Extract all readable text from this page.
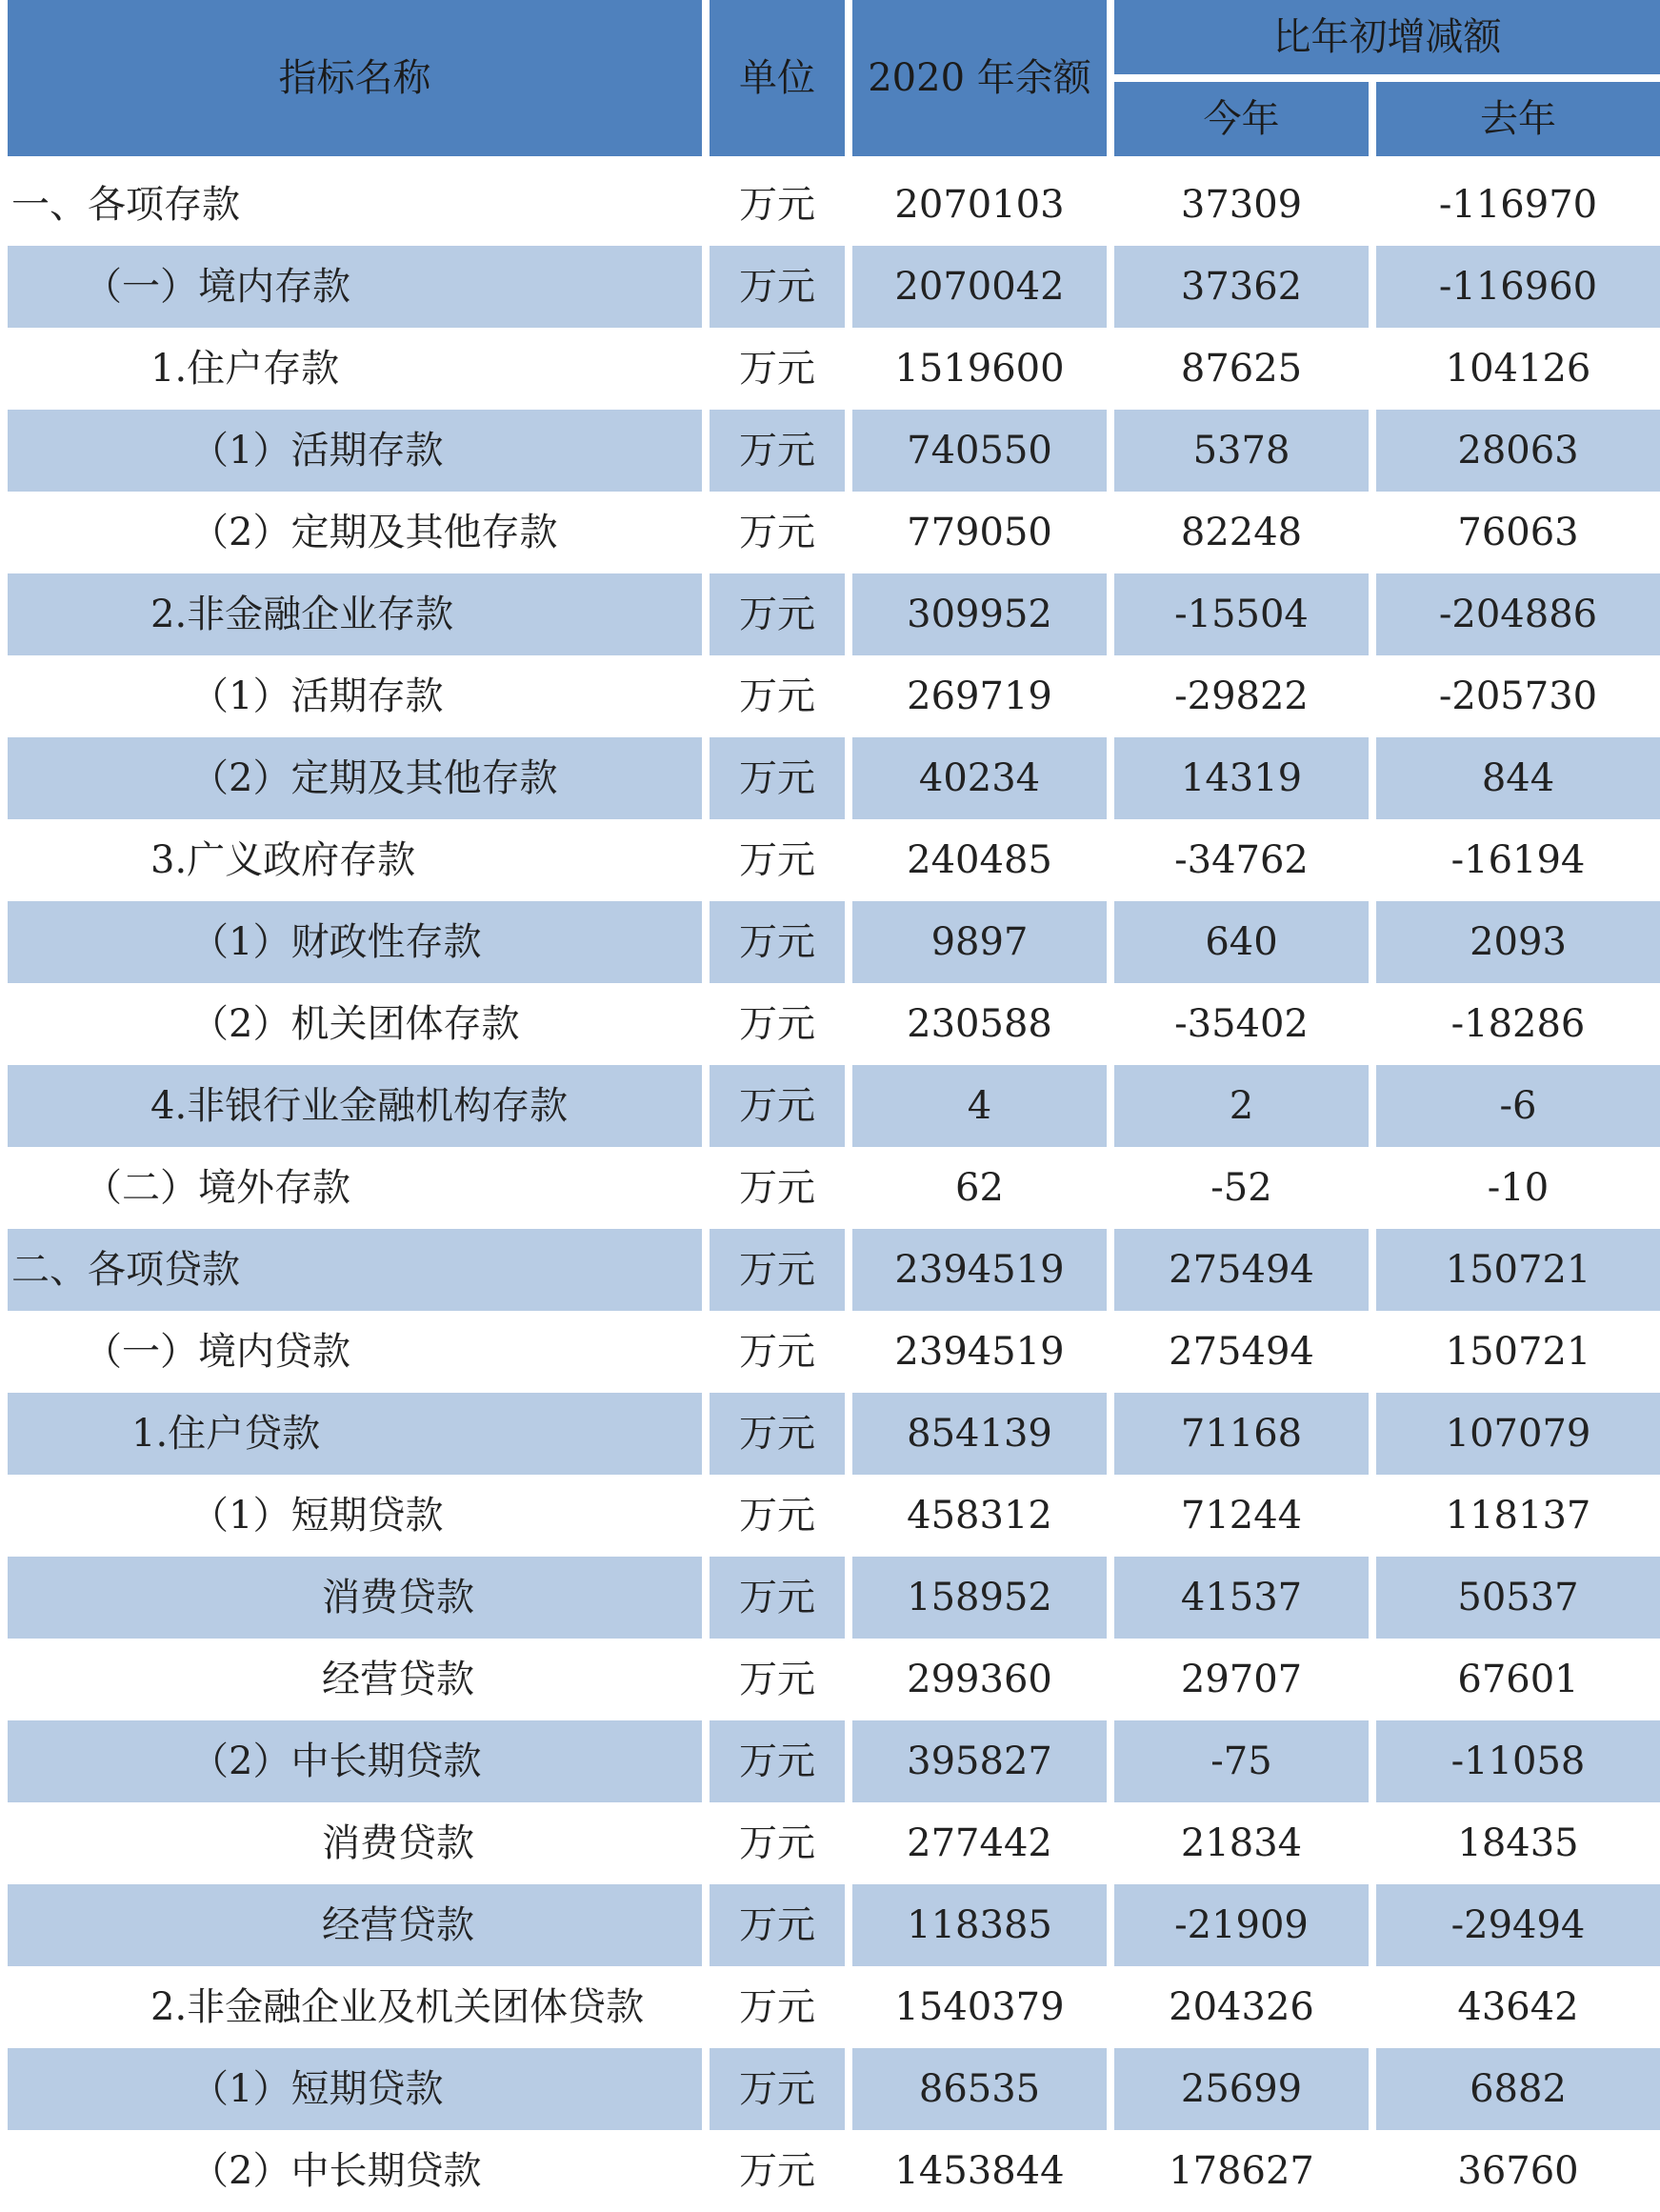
指标名称	单位	2020 年余额	比年初增减额	
			今年	去年
一、各项存款	万元	2070103	37309	-116970
（一）境内存款	万元	2070042	37362	-116960
1.住户存款	万元	1519600	87625	104126
（1）活期存款	万元	740550	5378	28063
（2）定期及其他存款	万元	779050	82248	76063
2.非金融企业存款	万元	309952	-15504	-204886
（1）活期存款	万元	269719	-29822	-205730
（2）定期及其他存款	万元	40234	14319	844
3.广义政府存款	万元	240485	-34762	-16194
（1）财政性存款	万元	9897	640	2093
（2）机关团体存款	万元	230588	-35402	-18286
4.非银行业金融机构存款	万元	4	2	-6
（二）境外存款	万元	62	-52	-10
二、各项贷款	万元	2394519	275494	150721
（一）境内贷款	万元	2394519	275494	150721
1.住户贷款	万元	854139	71168	107079
（1）短期贷款	万元	458312	71244	118137
消费贷款	万元	158952	41537	50537
经营贷款	万元	299360	29707	67601
（2）中长期贷款	万元	395827	-75	-11058
消费贷款	万元	277442	21834	18435
经营贷款	万元	118385	-21909	-29494
2.非金融企业及机关团体贷款	万元	1540379	204326	43642
（1）短期贷款	万元	86535	25699	6882
（2）中长期贷款	万元	1453844	178627	36760
